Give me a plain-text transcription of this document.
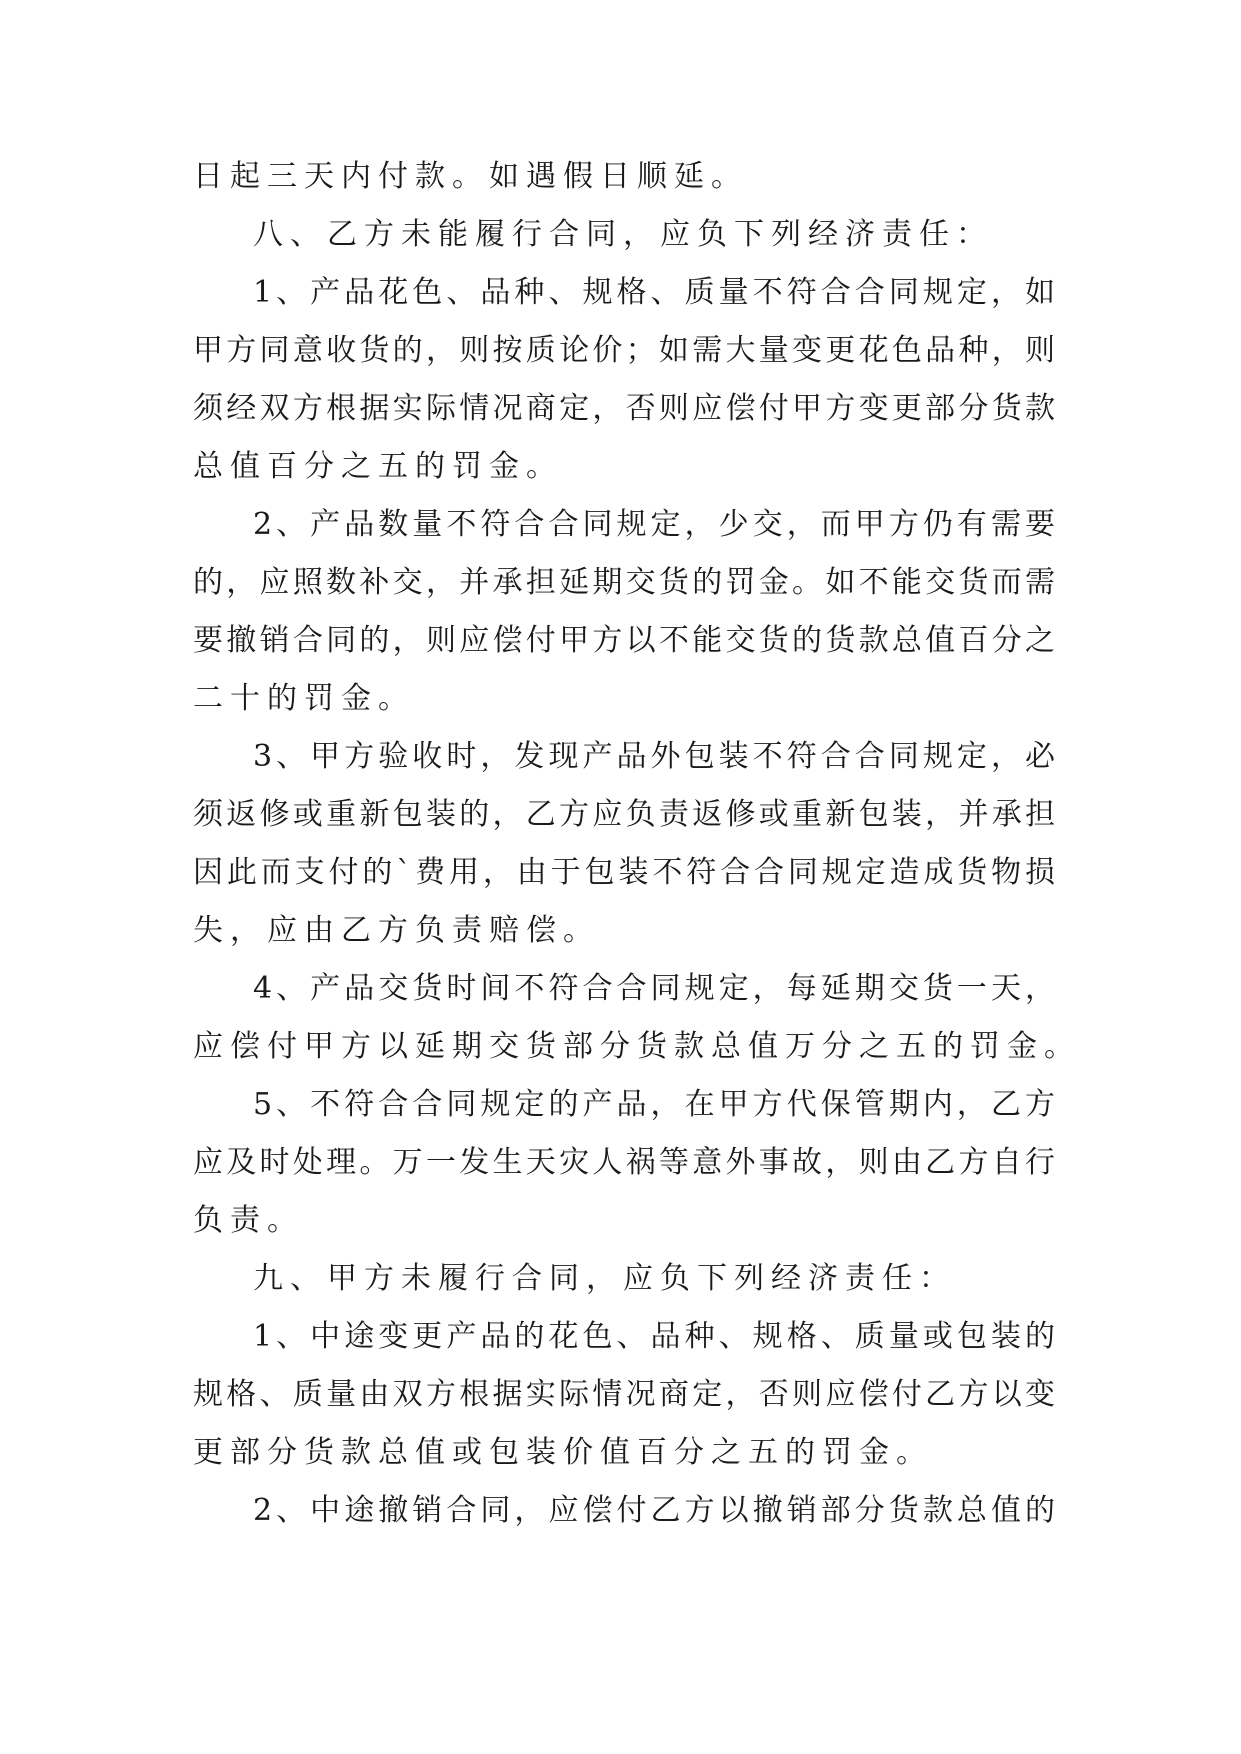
日起三天内付款。如遇假日顺延。
八、乙方未能履行合同，应负下列经济责任：
1、产品花色、品种、规格、质量不符合合同规定，如
甲方同意收货的，则按质论价；如需大量变更花色品种，则
须经双方根据实际情况商定，否则应偿付甲方变更部分货款
总值百分之五的罚金。
2、产品数量不符合合同规定，少交，而甲方仍有需要
的，应照数补交，并承担延期交货的罚金。如不能交货而需
要撤销合同的，则应偿付甲方以不能交货的货款总值百分之
二十的罚金。
3、甲方验收时，发现产品外包装不符合合同规定，必
须返修或重新包装的，乙方应负责返修或重新包装，并承担
因此而支付的`费用，由于包装不符合合同规定造成货物损
失，应由乙方负责赔偿。
4、产品交货时间不符合合同规定，每延期交货一天，
应偿付甲方以延期交货部分货款总值万分之五的罚金。
5、不符合合同规定的产品，在甲方代保管期内，乙方
应及时处理。万一发生天灾人祸等意外事故，则由乙方自行
负责。
九、甲方未履行合同，应负下列经济责任：
1、中途变更产品的花色、品种、规格、质量或包装的
规格、质量由双方根据实际情况商定，否则应偿付乙方以变
更部分货款总值或包装价值百分之五的罚金。
2、中途撤销合同，应偿付乙方以撤销部分货款总值的
